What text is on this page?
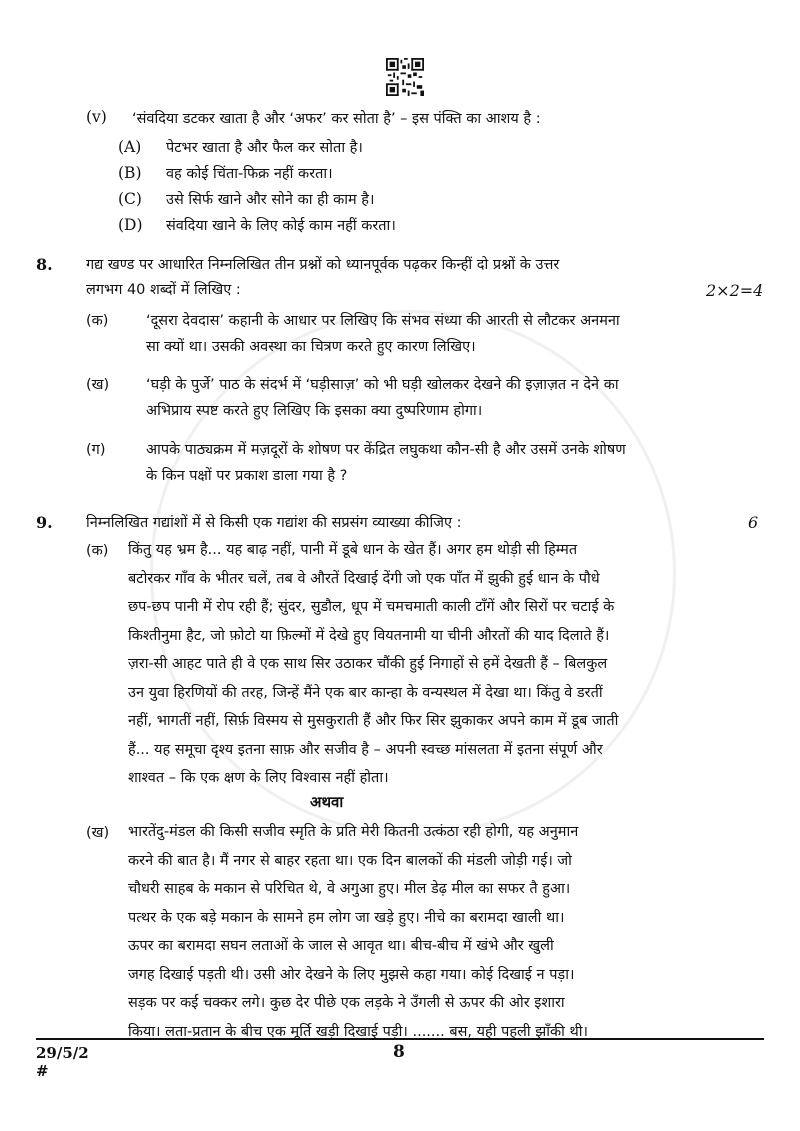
(v) ‘संवदिया डटकर खाता है और ‘अफर’ कर सोता है’ – इस पंक्ति का आशय है :
(A)	पेटभर खाता है और फैल कर सोता है।
(B)	वह कोई चिंता-फिक्र नहीं करता।
(C)	उसे सिर्फ खाने और सोने का ही काम है।
(D)	संवदिया खाने के लिए कोई काम नहीं करता।
8. गद्य खण्ड पर आधारित निम्नलिखित तीन प्रश्नों को ध्यानपूर्वक पढ़कर किन्हीं दो प्रश्नों के उत्तर
लगभग 40 शब्दों में लिखिए :	2×2=4
(क)	‘दूसरा देवदास’ कहानी के आधार पर लिखिए कि संभव संध्या की आरती से लौटकर अनमना
सा क्यों था। उसकी अवस्था का चित्रण करते हुए कारण लिखिए।
(ख)	‘घड़ी के पुर्जे’ पाठ के संदर्भ में ‘घड़ीसाज़’ को भी घड़ी खोलकर देखने की इज़ाज़त न देने का
अभिप्राय स्पष्ट करते हुए लिखिए कि इसका क्या दुष्परिणाम होगा।
(ग)	आपके पाठ्यक्रम में मज़दूरों के शोषण पर केंद्रित लघुकथा कौन-सी है और उसमें उनके शोषण
के किन पक्षों पर प्रकाश डाला गया है ?
9. निम्नलिखित गद्यांशों में से किसी एक गद्यांश की सप्रसंग व्याख्या कीजिए :	6
(क) किंतु यह भ्रम है... यह बाढ़ नहीं, पानी में डूबे धान के खेत हैं। अगर हम थोड़ी सी हिम्मत
बटोरकर गाँव के भीतर चलें, तब वे औरतें दिखाई देंगी जो एक पाँत में झुकी हुई धान के पौधे
छप-छप पानी में रोप रही हैं; सुंदर, सुडौल, धूप में चमचमाती काली टाँगें और सिरों पर चटाई के
किश्तीनुमा हैट, जो फ़ोटो या फ़िल्मों में देखे हुए वियतनामी या चीनी औरतों की याद दिलाते हैं।
ज़रा-सी आहट पाते ही वे एक साथ सिर उठाकर चौंकी हुई निगाहों से हमें देखती हैं – बिलकुल
उन युवा हिरणियों की तरह, जिन्हें मैंने एक बार कान्हा के वन्यस्थल में देखा था। किंतु वे डरतीं
नहीं, भागतीं नहीं, सिर्फ़ विस्मय से मुसकुराती हैं और फिर सिर झुकाकर अपने काम में डूब जाती
हैं... यह समूचा दृश्य इतना साफ़ और सजीव है – अपनी स्वच्छ मांसलता में इतना संपूर्ण और
शाश्वत – कि एक क्षण के लिए विश्वास नहीं होता।
अथवा
(ख) भारतेंदु-मंडल की किसी सजीव स्मृति के प्रति मेरी कितनी उत्कंठा रही होगी, यह अनुमान
करने की बात है। मैं नगर से बाहर रहता था। एक दिन बालकों की मंडली जोड़ी गई। जो
चौधरी साहब के मकान से परिचित थे, वे अगुआ हुए। मील डेढ़ मील का सफर तै हुआ।
पत्थर के एक बड़े मकान के सामने हम लोग जा खड़े हुए। नीचे का बरामदा खाली था।
ऊपर का बरामदा सघन लताओं के जाल से आवृत था। बीच-बीच में खंभे और खुली
जगह दिखाई पड़ती थी। उसी ओर देखने के लिए मुझसे कहा गया। कोई दिखाई न पड़ा।
सड़क पर कई चक्कर लगे। कुछ देर पीछे एक लड़के ने उँगली से ऊपर की ओर इशारा
किया। लता-प्रतान के बीच एक मूर्ति खड़ी दिखाई पड़ी। ....... बस, यही पहली झाँकी थी।
29/5/2
#
8
